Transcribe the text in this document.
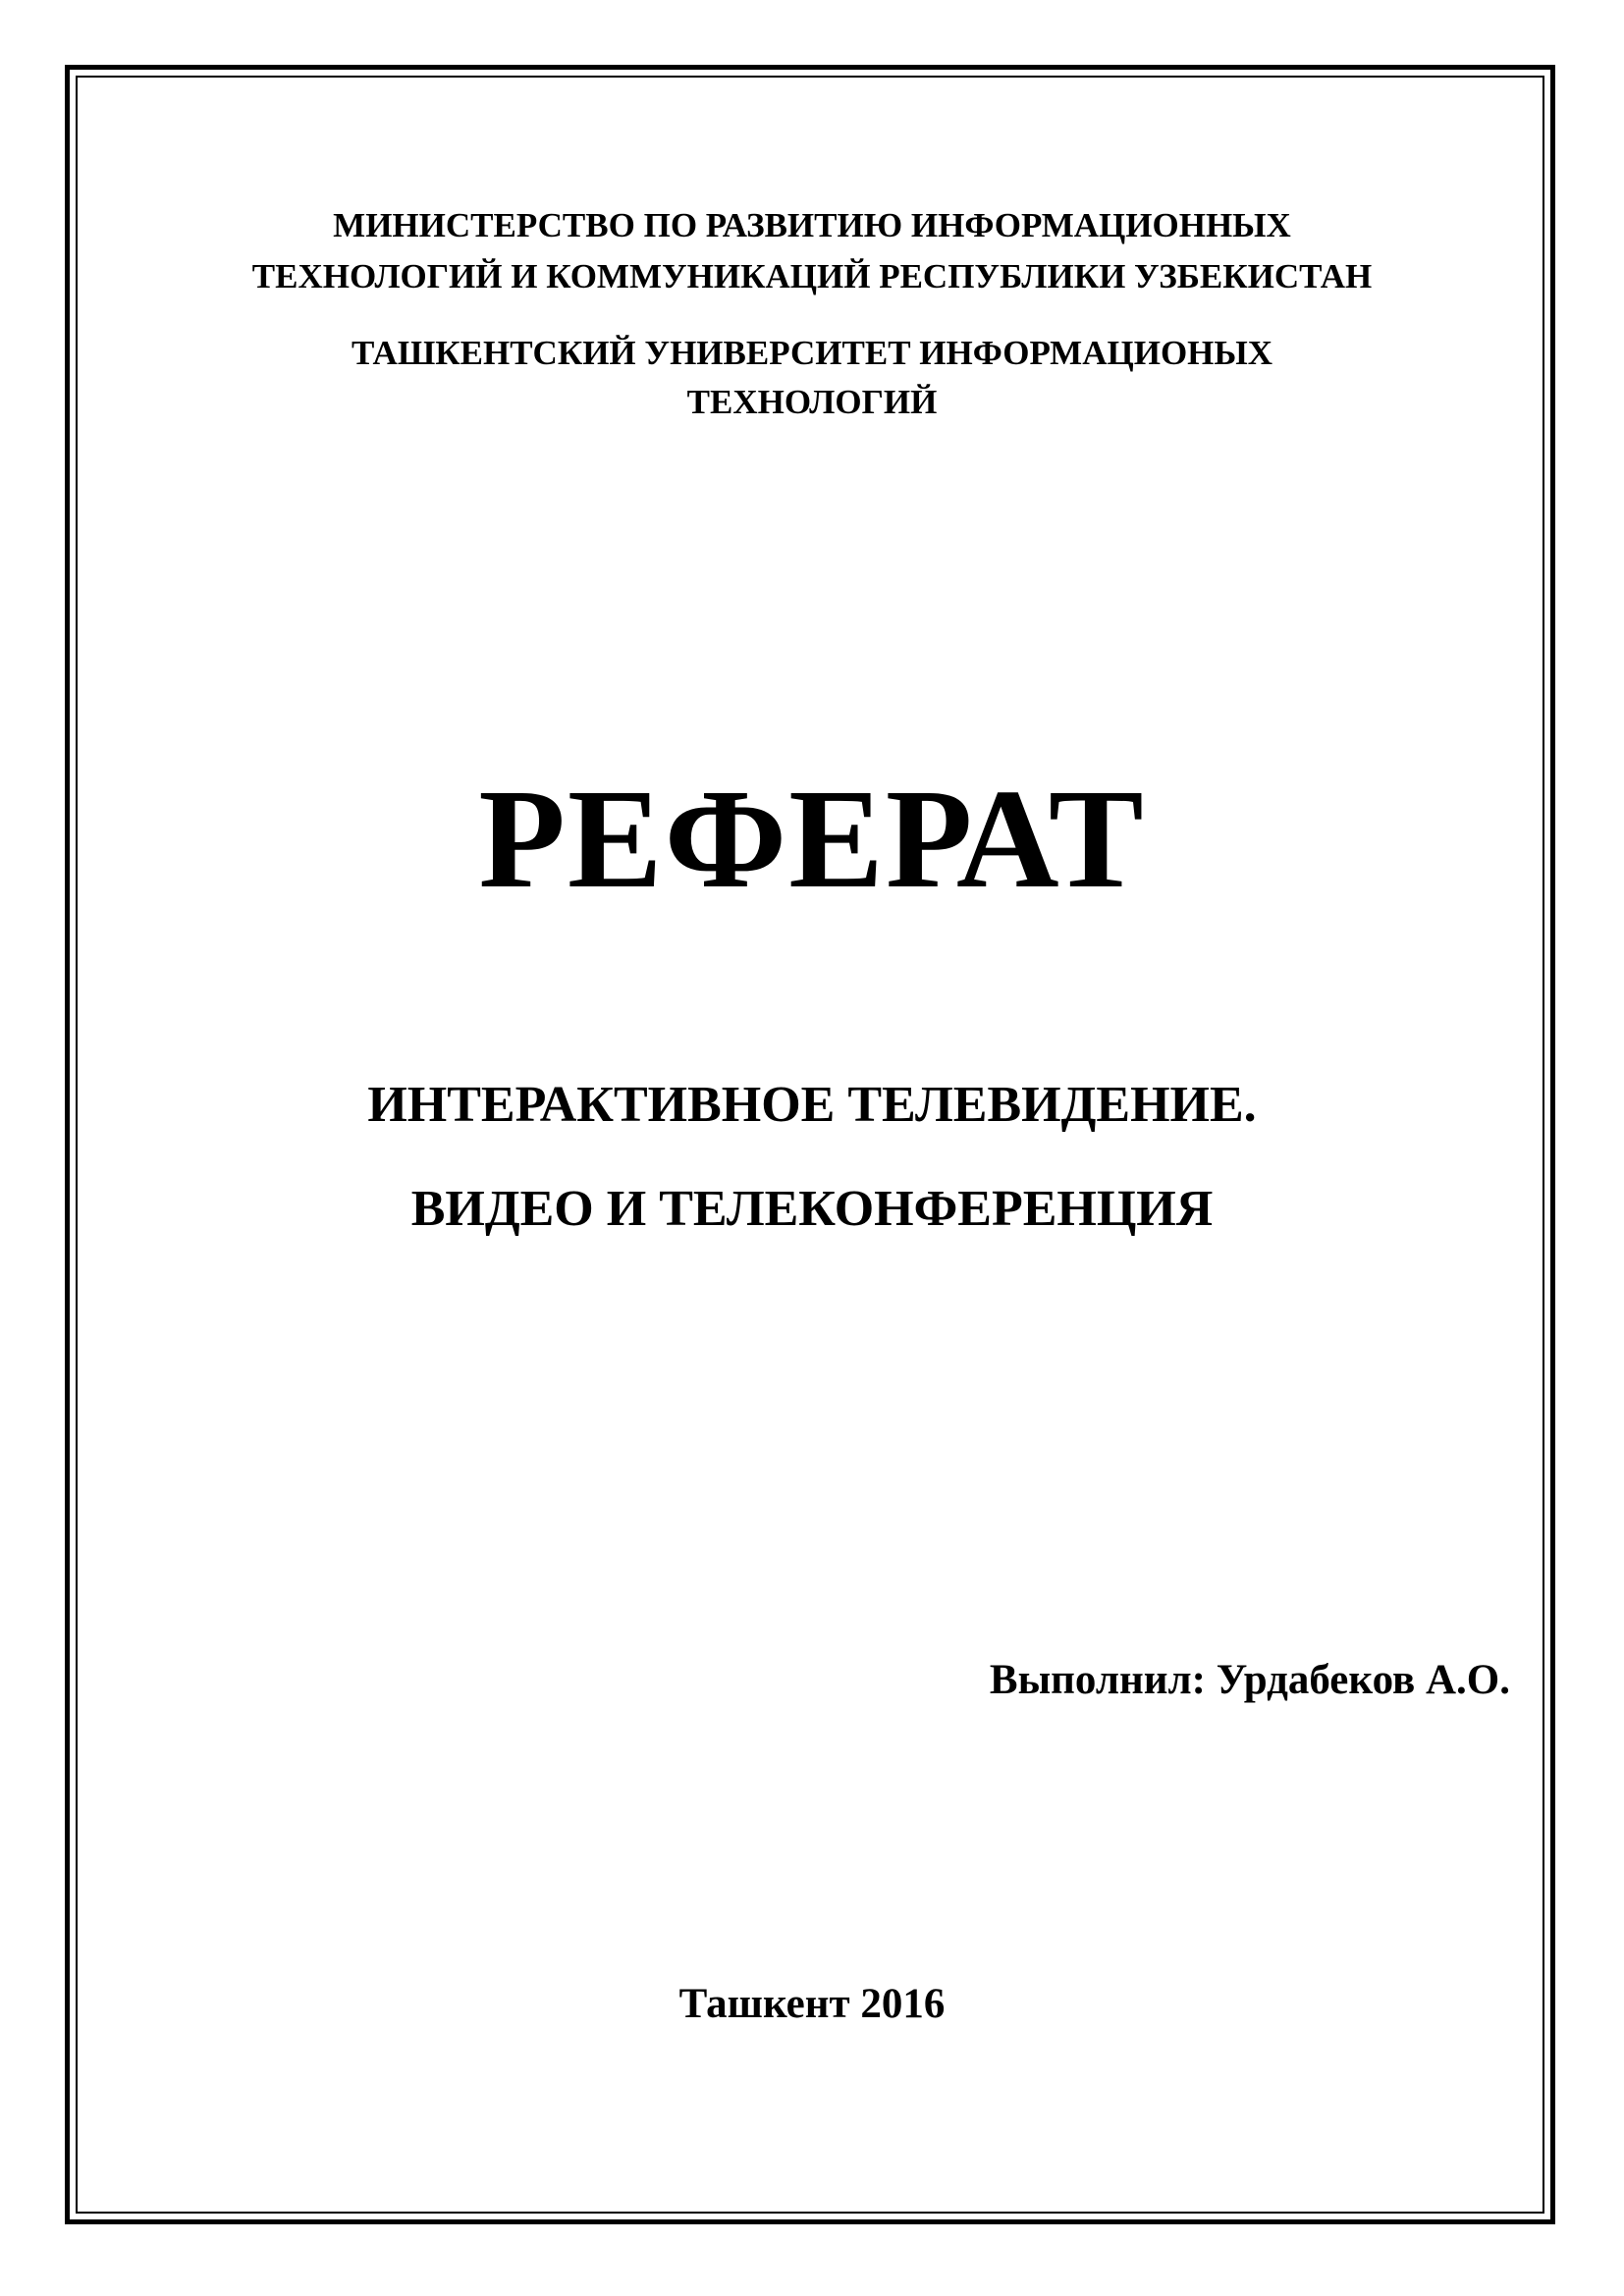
МИНИСТЕРСТВО ПО РАЗВИТИЮ ИНФОРМАЦИОННЫХ
ТЕХНОЛОГИЙ И КОММУНИКАЦИЙ РЕСПУБЛИКИ УЗБЕКИСТАН
ТАШКЕНТСКИЙ УНИВЕРСИТЕТ ИНФОРМАЦИОНЫХ
ТЕХНОЛОГИЙ
РЕФЕРАТ
ИНТЕРАКТИВНОЕ ТЕЛЕВИДЕНИЕ.
ВИДЕО И ТЕЛЕКОНФЕРЕНЦИЯ
Выполнил: Урдабеков А.О.
Ташкент 2016
